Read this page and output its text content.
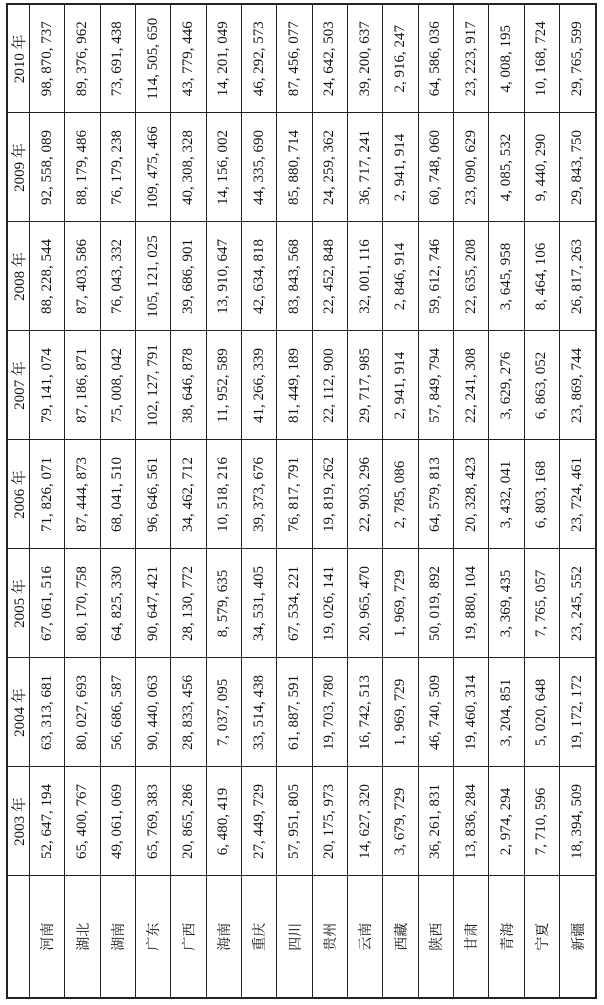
	2003 年	2004 年	2005 年	2006 年	2007 年	2008 年	2009 年	2010 年
河南	52, 647, 194	63, 313, 681	67, 061, 516	71, 826, 071	79, 141, 074	88, 228, 544	92, 558, 089	98, 870, 737
湖北	65, 400, 767	80, 027, 693	80, 170, 758	87, 444, 873	87, 186, 871	87, 403, 586	88, 179, 486	89, 376, 962
湖南	49, 061, 069	56, 686, 587	64, 825, 330	68, 041, 510	75, 008, 042	76, 043, 332	76, 179, 238	73, 691, 438
广东	65, 769, 383	90, 440, 063	90, 647, 421	96, 646, 561	102, 127, 791	105, 121, 025	109, 475, 466	114, 505, 650
广西	20, 865, 286	28, 833, 456	28, 130, 772	34, 462, 712	38, 646, 878	39, 686, 901	40, 308, 328	43, 779, 446
海南	6, 480, 419	7, 037, 095	8, 579, 635	10, 518, 216	11, 952, 589	13, 910, 647	14, 156, 002	14, 201, 049
重庆	27, 449, 729	33, 514, 438	34, 531, 405	39, 373, 676	41, 266, 339	42, 634, 818	44, 335, 690	46, 292, 573
四川	57, 951, 805	61, 887, 591	67, 534, 221	76, 817, 791	81, 449, 189	83, 843, 568	85, 880, 714	87, 456, 077
贵州	20, 175, 973	19, 703, 780	19, 026, 141	19, 819, 262	22, 112, 900	22, 452, 848	24, 259, 362	24, 642, 503
云南	14, 627, 320	16, 742, 513	20, 965, 470	22, 903, 296	29, 717, 985	32, 001, 116	36, 717, 241	39, 200, 637
西藏	3, 679, 729	1, 969, 729	1, 969, 729	2, 785, 086	2, 941, 914	2, 846, 914	2, 941, 914	2, 916, 247
陕西	36, 261, 831	46, 740, 509	50, 019, 892	64, 579, 813	57, 849, 794	59, 612, 746	60, 748, 060	64, 586, 036
甘肃	13, 836, 284	19, 460, 314	19, 880, 104	20, 328, 423	22, 241, 308	22, 635, 208	23, 090, 629	23, 223, 917
青海	2, 974, 294	3, 204, 851	3, 369, 435	3, 432, 041	3, 629, 276	3, 645, 958	4, 085, 532	4, 008, 195
宁夏	7, 710, 596	5, 020, 648	7, 765, 057	6, 803, 168	6, 863, 052	8, 464, 106	9, 440, 290	10, 168, 724
新疆	18, 394, 509	19, 172, 172	23, 245, 552	23, 724, 461	23, 869, 744	26, 817, 263	29, 843, 750	29, 765, 599
